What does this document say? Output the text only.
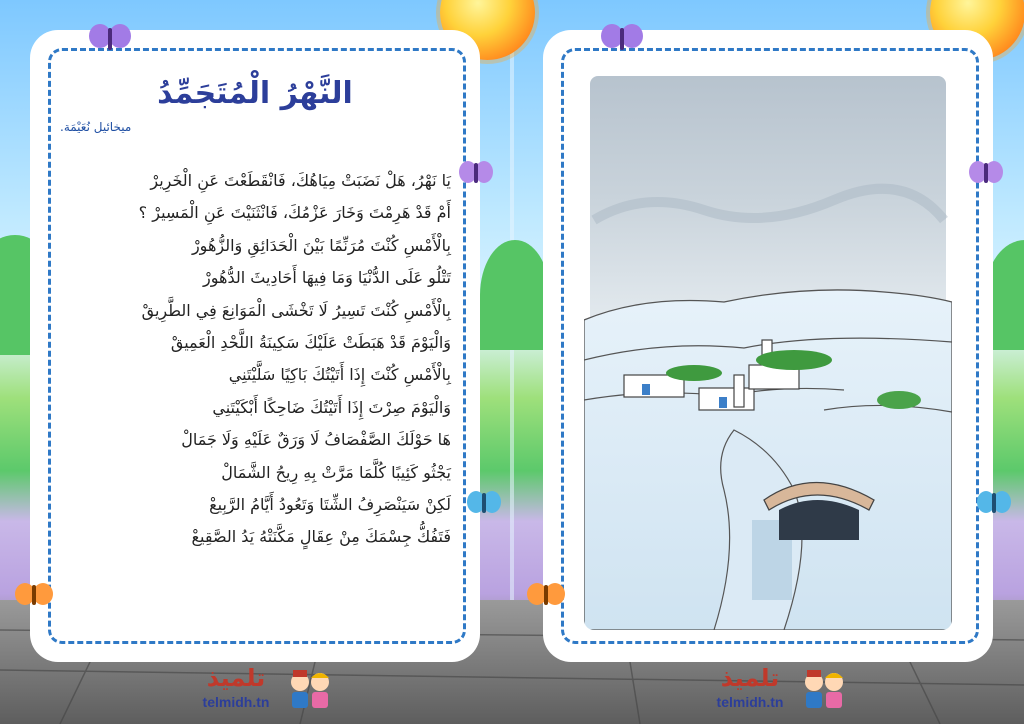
النَّهْرُ الْمُتَجَمِّدُ
ميخائيل نُعَيْمَة.
يَا نَهْرُ، هَلْ نَضَبَتْ مِيَاهُكَ، فَانْقَطَعْتَ عَنِ الْخَرِيرْ
أَمْ قَدْ هَرِمْتَ وَخَارَ عَزْمُكَ، فَانْثَنَيْتَ عَنِ الْمَسِيرْ ؟
بِالْأَمْسِ كُنْتَ مُرَنِّمًا بَيْنَ الْحَدَائِقِ وَالزُّهُورْ
تَتْلُو عَلَى الدُّنْيَا وَمَا فِيهَا أَحَادِيثَ الدُّهُورْ
بِالْأَمْسِ كُنْتَ تَسِيرُ لَا تَخْشَى الْمَوَانِعَ فِي الطَّرِيقْ
وَالْيَوْمَ قَدْ هَبَطَتْ عَلَيْكَ سَكِينَةُ اللَّحْدِ الْعَمِيقْ
بِالْأَمْسِ كُنْتَ إِذَا أَتَيْتُكَ بَاكِيًا سَلَّيْتَنِي
وَالْيَوْمَ صِرْتَ إِذَا أَتَيْتُكَ ضَاحِكًا أَبْكَيْتَنِي
هَا حَوْلَكَ الصَّفْصَافُ لَا وَرَقٌ عَلَيْهِ وَلَا جَمَالْ
يَجْثُو كَئِيبًا كُلَّمَا مَرَّتْ بِهِ رِيحُ الشَّمَالْ
لَكِنْ سَيَنْصَرِفُ الشِّتَا وَتَعُودُ أَيَّامُ الرَّبِيعْ
فَتَفُكُّ جِسْمَكَ مِنْ عِقَالٍ مَكَّنَتْهُ يَدُ الصَّقِيعْ
تلميذ
telmidh.tn
تلميذ
telmidh.tn
